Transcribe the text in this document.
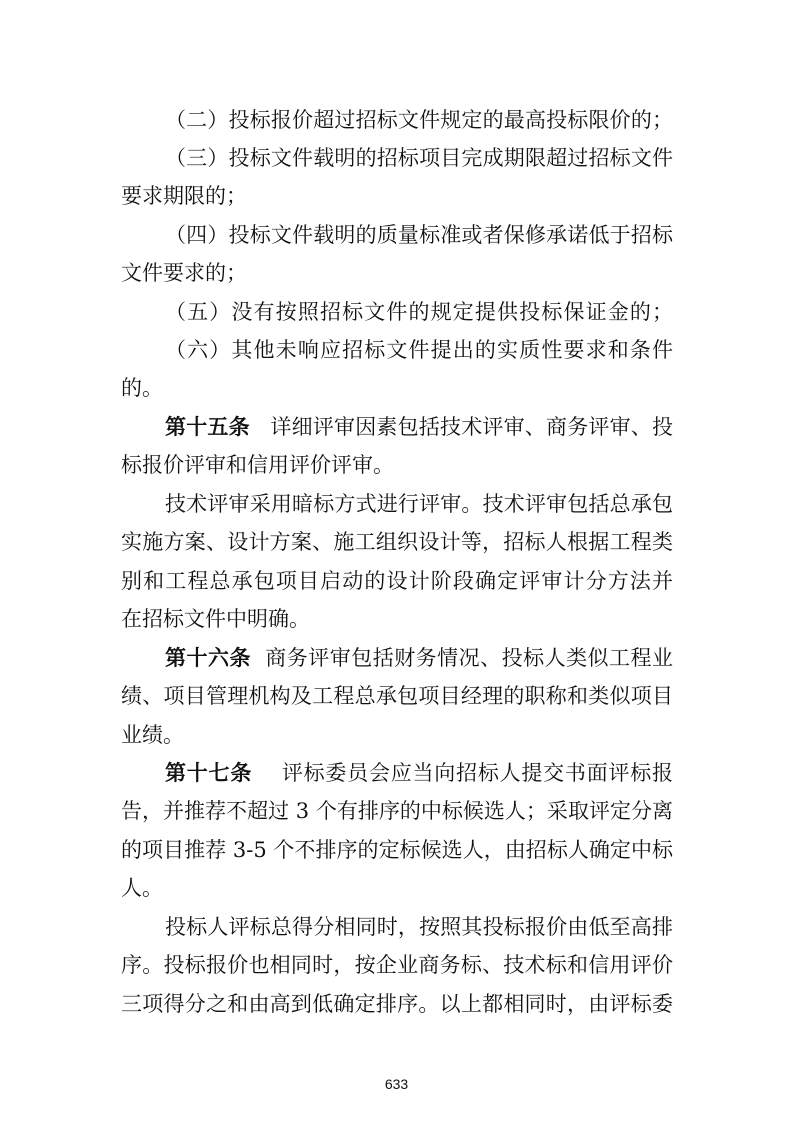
（二）投标报价超过招标文件规定的最高投标限价的；
（三）投标文件载明的招标项目完成期限超过招标文件
要求期限的；
（四）投标文件载明的质量标准或者保修承诺低于招标
文件要求的；
（五）没有按照招标文件的规定提供投标保证金的；
（六）其他未响应招标文件提出的实质性要求和条件
的。
第十五条 详细评审因素包括技术评审、商务评审、投
标报价评审和信用评价评审。
技术评审采用暗标方式进行评审。技术评审包括总承包
实施方案、设计方案、施工组织设计等，招标人根据工程类
别和工程总承包项目启动的设计阶段确定评审计分方法并
在招标文件中明确。
第十六条 商务评审包括财务情况、投标人类似工程业
绩、项目管理机构及工程总承包项目经理的职称和类似项目
业绩。
第十七条 评标委员会应当向招标人提交书面评标报
告，并推荐不超过 3 个有排序的中标候选人；采取评定分离
的项目推荐 3-5 个不排序的定标候选人，由招标人确定中标
人。
投标人评标总得分相同时，按照其投标报价由低至高排
序。投标报价也相同时，按企业商务标、技术标和信用评价
三项得分之和由高到低确定排序。以上都相同时，由评标委
633
